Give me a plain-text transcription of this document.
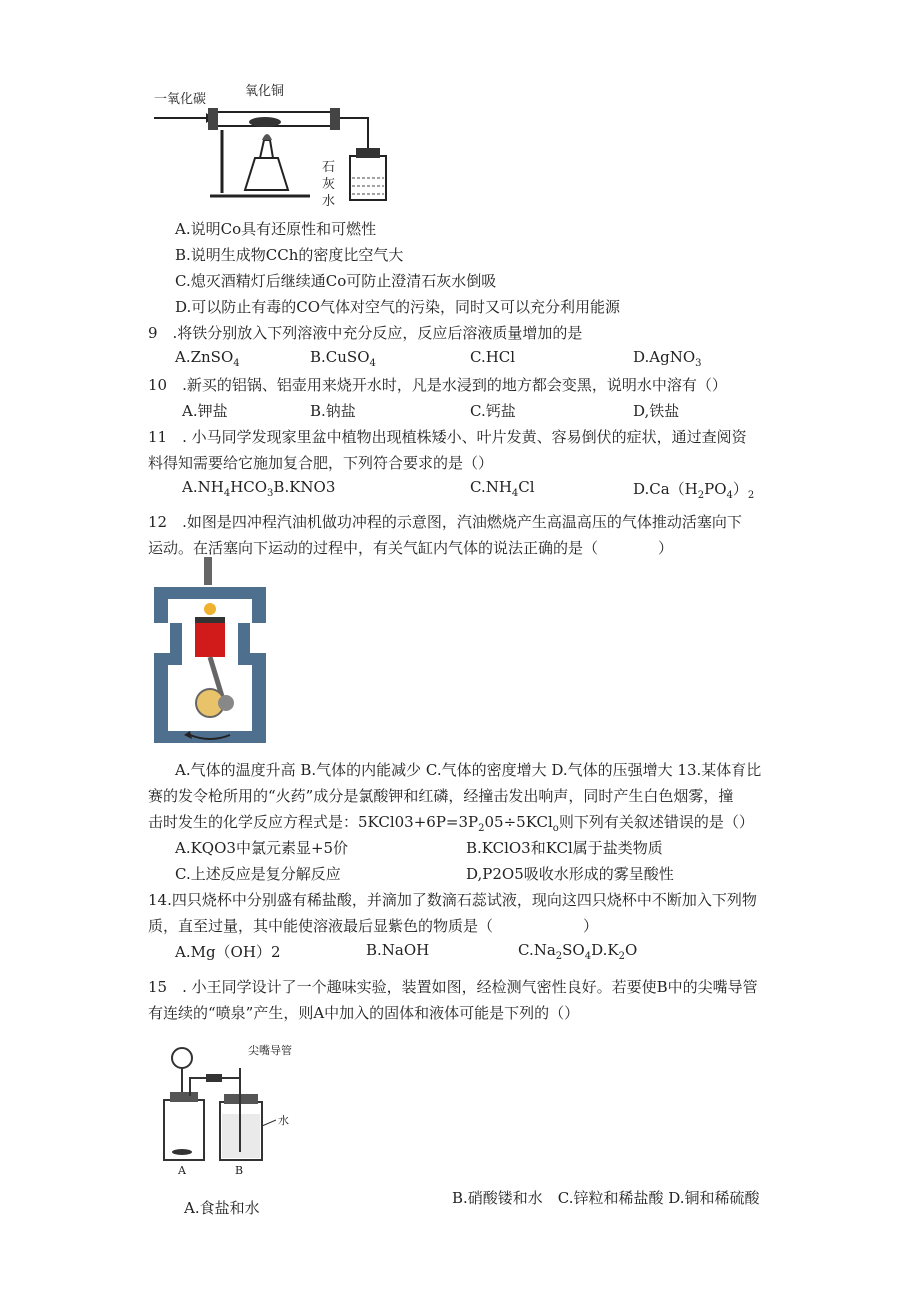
一氧化碳
氧化铜
石
灰
水
A.说明Co具有还原性和可燃性
B.说明生成物CCh的密度比空气大
C.熄灭酒精灯后继续通Co可防止澄清石灰水倒吸
D.可以防止有毒的CO气体对空气的污染，同时又可以充分利用能源
9　.将铁分别放入下列溶液中充分反应，反应后溶液质量增加的是
A.ZnSO$_4$	B.CuSO$_4$	C.HCl	D.AgNO$_3$
10　.新买的铝锅、铝壶用来烧开水时，凡是水浸到的地方都会变黑，说明水中溶有（）
A.钾盐	B.钠盐	C.钙盐	D,铁盐
11　. 小马同学发现家里盆中植物出现植株矮小、叶片发黄、容易倒伏的症状，通过查阅资
料得知需要给它施加复合肥，下列符合要求的是（）
$A.NH_4HCO_3B.KNO3$	$C.NH_4Cl$	$D.Ca(H_2PO_4)_2$
12　.如图是四冲程汽油机做功冲程的示意图，汽油燃烧产生高温高压的气体推动活塞向下
运动。在活塞向下运动的过程中，有关气缸内气体的说法正确的是（　　　　）
A.气体的温度升高 B.气体的内能减少 C.气体的密度增大 D.气体的压强增大 13.某体育比
赛的发令枪所用的“火药”成分是氯酸钾和红磷，经撞击发出响声，同时产生白色烟雾，撞
击时发生的化学反应方程式是：$5KCl03+6P=3P_205\div 5KCl_o$则下列有关叙述错误的是（）
A.KQO3中氯元素显+5价	B.KClO3和KCl属于盐类物质
C.上述反应是复分解反应	D,P2O5吸收水形成的雾呈酸性
14.四只烧杯中分别盛有稀盐酸，并滴加了数滴石蕊试液，现向这四只烧杯中不断加入下列物
质，直至过量，其中能使溶液最后显紫色的物质是（　　　　　　）
A.Mg（OH）2	B.NaOH	$C.Na_2SO_4D.K_2O$
15　. 小王同学设计了一个趣味实验，装置如图，经检测气密性良好。若要使B中的尖嘴导管
有连续的“喷泉”产生，则A中加入的固体和液体可能是下列的（）
尖嘴导管
水
A	B
A.食盐和水
B.硝酸镂和水　C.锌粒和稀盐酸 D.铜和稀硫酸
